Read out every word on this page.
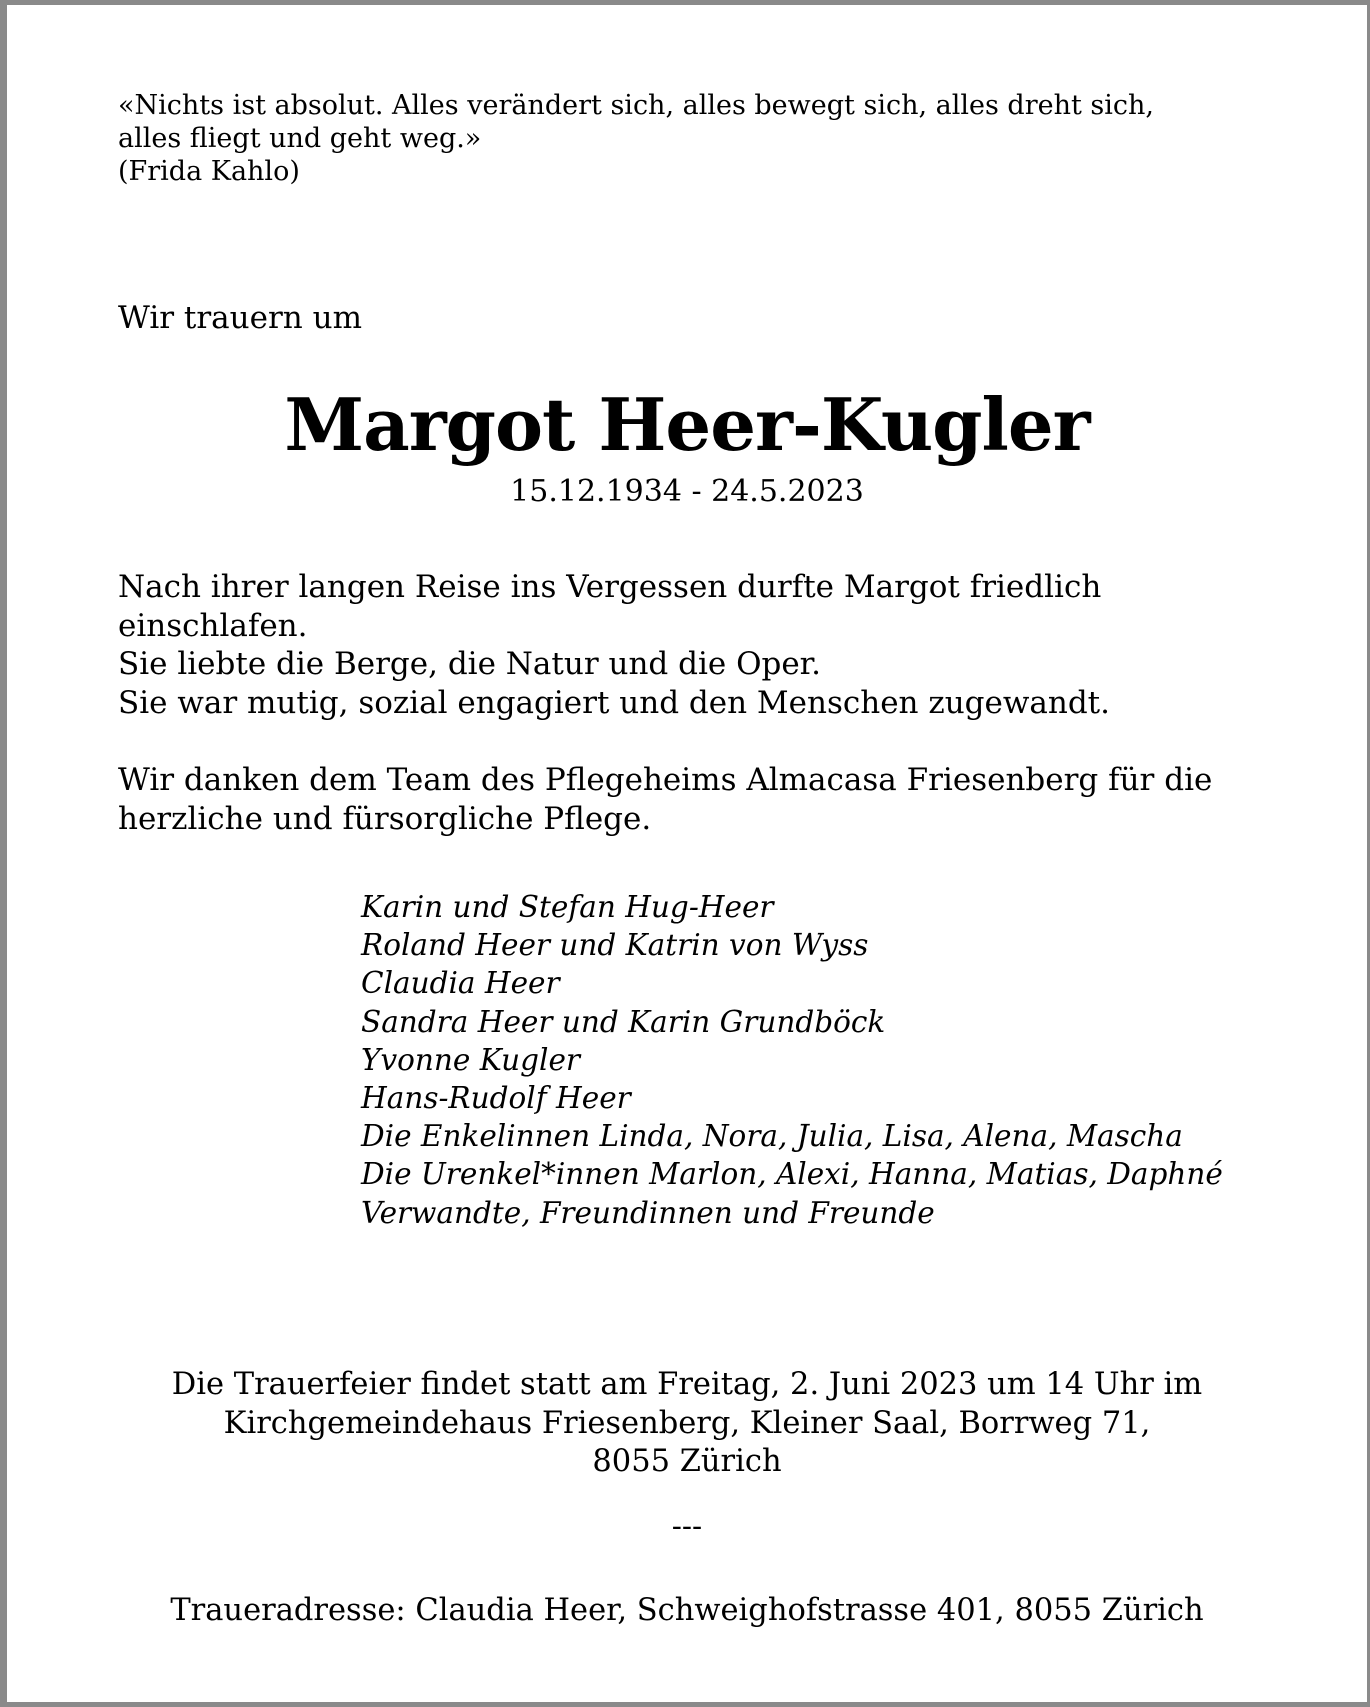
«Nichts ist absolut. Alles verändert sich, alles bewegt sich, alles dreht sich,
alles fliegt und geht weg.»
(Frida Kahlo)
Wir trauern um
Margot Heer-Kugler
15.12.1934 - 24.5.2023
Nach ihrer langen Reise ins Vergessen durfte Margot friedlich
einschlafen.
Sie liebte die Berge, die Natur und die Oper.
Sie war mutig, sozial engagiert und den Menschen zugewandt.
Wir danken dem Team des Pflegeheims Almacasa Friesenberg für die
herzliche und fürsorgliche Pflege.
Karin und Stefan Hug-Heer
Roland Heer und Katrin von Wyss
Claudia Heer
Sandra Heer und Karin Grundböck
Yvonne Kugler
Hans-Rudolf Heer
Die Enkelinnen Linda, Nora, Julia, Lisa, Alena, Mascha
Die Urenkel*innen Marlon, Alexi, Hanna, Matias, Daphné
Verwandte, Freundinnen und Freunde
Die Trauerfeier findet statt am Freitag, 2. Juni 2023 um 14 Uhr im
Kirchgemeindehaus Friesenberg, Kleiner Saal, Borrweg 71,
8055 Zürich
---
Traueradresse: Claudia Heer, Schweighofstrasse 401, 8055 Zürich
